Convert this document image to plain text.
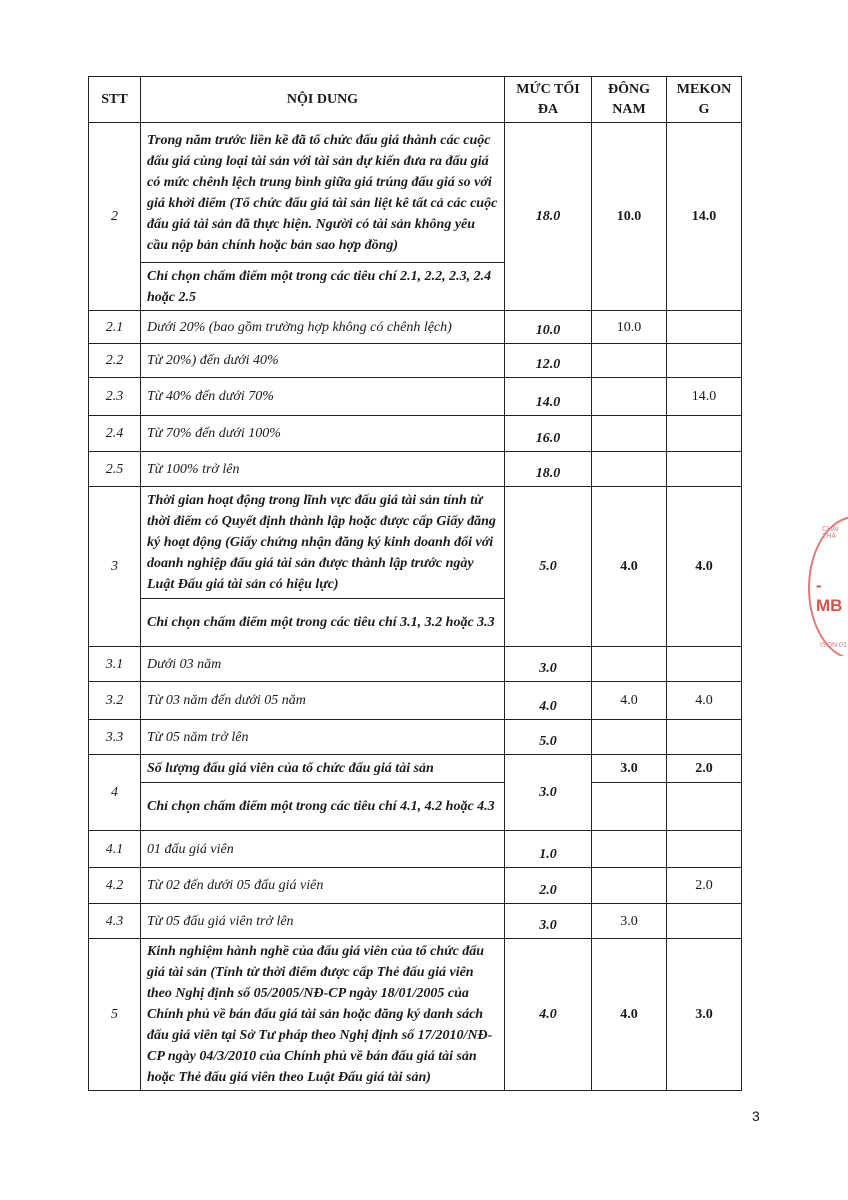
STT	NỘI DUNG	MỨC TỐI ĐA	ĐÔNG NAM	MEKON G
2	Trong năm trước liền kề đã tổ chức đấu giá thành các cuộc đấu giá cùng loại tài sản với tài sản dự kiến đưa ra đấu giá có mức chênh lệch trung bình giữa giá trúng đấu giá so với giá khởi điểm (Tổ chức đấu giá tài sản liệt kê tất cả các cuộc đấu giá tài sản đã thực hiện. Người có tài sản không yêu cầu nộp bản chính hoặc bản sao hợp đồng)	18.0	10.0	14.0
	Chỉ chọn chấm điểm một trong các tiêu chí 2.1, 2.2, 2.3, 2.4 hoặc 2.5			
2.1	Dưới 20% (bao gồm trường hợp không có chênh lệch)	10.0	10.0	
2.2	Từ 20%) đến dưới 40%	12.0		
2.3	Từ 40% đến dưới 70%	14.0		14.0
2.4	Từ 70% đến dưới 100%	16.0		
2.5	Từ 100% trở lên	18.0		
3	Thời gian hoạt động trong lĩnh vực đấu giá tài sản tính từ thời điểm có Quyết định thành lập hoặc được cấp Giấy đăng ký hoạt động (Giấy chứng nhận đăng ký kinh doanh đối với doanh nghiệp đấu giá tài sản được thành lập trước ngày Luật Đấu giá tài sản có hiệu lực)	5.0	4.0	4.0
	Chỉ chọn chấm điểm một trong các tiêu chí 3.1, 3.2 hoặc 3.3			
3.1	Dưới 03 năm	3.0		
3.2	Từ 03 năm đến dưới 05 năm	4.0	4.0	4.0
3.3	Từ 05 năm trở lên	5.0		
4	Số lượng đấu giá viên của tổ chức đấu giá tài sản	3.0	3.0	2.0
	Chỉ chọn chấm điểm một trong các tiêu chí 4.1, 4.2 hoặc 4.3			
4.1	01 đấu giá viên	1.0		
4.2	Từ 02 đến dưới 05 đấu giá viên	2.0		2.0
4.3	Từ 05 đấu giá viên trở lên	3.0	3.0	
5	Kinh nghiệm hành nghề của đấu giá viên của tổ chức đấu giá tài sản (Tính từ thời điểm được cấp Thẻ đấu giá viên theo Nghị định số 05/2005/NĐ-CP ngày 18/01/2005 của Chính phủ về bán đấu giá tài sản hoặc đăng ký danh sách đấu giá viên tại Sở Tư pháp theo Nghị định số 17/2010/NĐ-CP ngày 04/3/2010 của Chính phủ về bán đấu giá tài sản hoặc Thẻ đấu giá viên theo Luật Đấu giá tài sản)	4.0	4.0	3.0
CHAI THÁ
-MB
ISON:01
3
